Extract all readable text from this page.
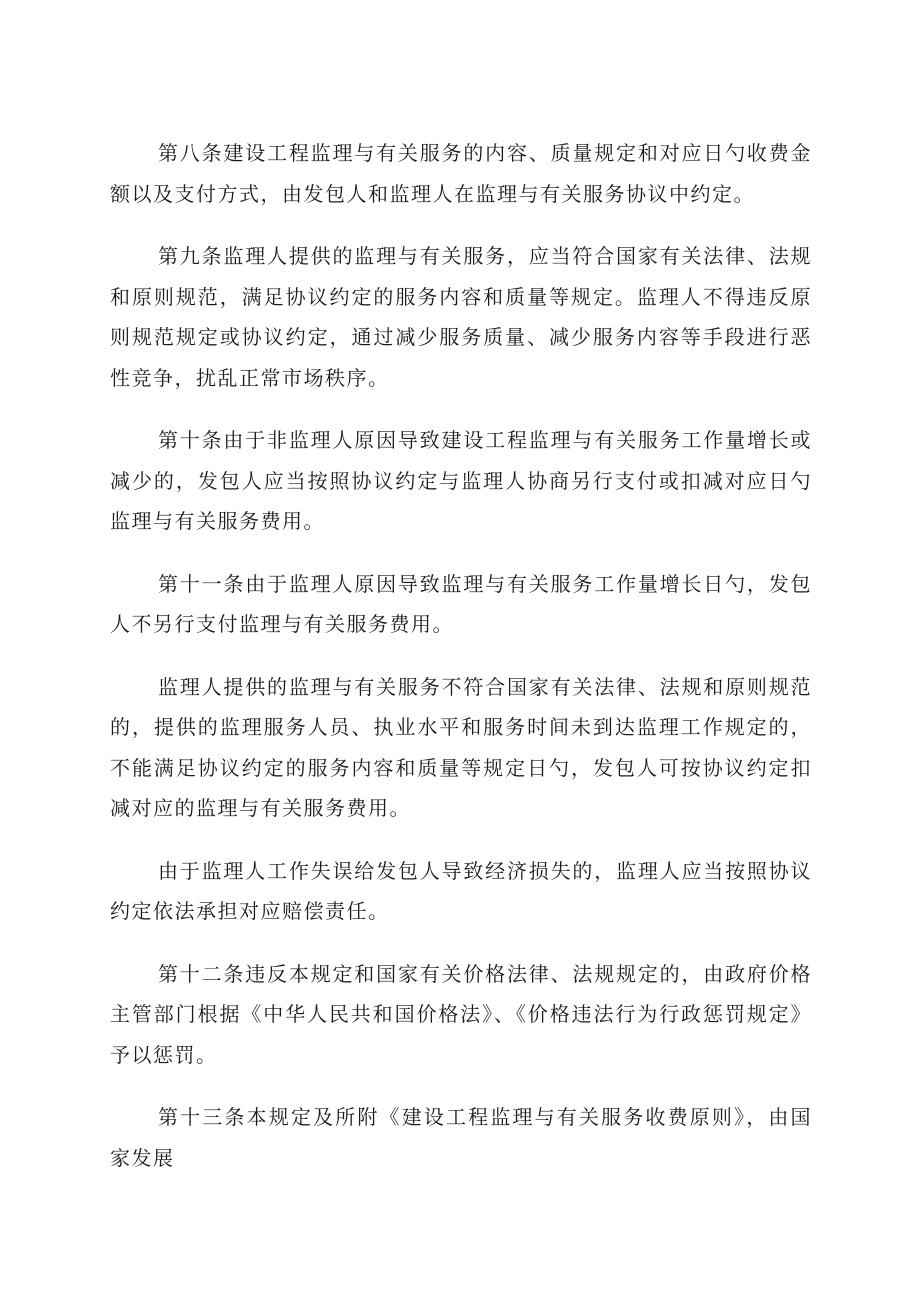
第八条建设工程监理与有关服务的内容、质量规定和对应日勺收费金额以及支付方式，由发包人和监理人在监理与有关服务协议中约定。

第九条监理人提供的监理与有关服务，应当符合国家有关法律、法规和原则规范，满足协议约定的服务内容和质量等规定。监理人不得违反原则规范规定或协议约定，通过减少服务质量、减少服务内容等手段进行恶性竞争，扰乱正常市场秩序。

第十条由于非监理人原因导致建设工程监理与有关服务工作量增长或减少的，发包人应当按照协议约定与监理人协商另行支付或扣减对应日勺监理与有关服务费用。

第十一条由于监理人原因导致监理与有关服务工作量增长日勺，发包人不另行支付监理与有关服务费用。

监理人提供的监理与有关服务不符合国家有关法律、法规和原则规范的，提供的监理服务人员、执业水平和服务时间未到达监理工作规定的，不能满足协议约定的服务内容和质量等规定日勺，发包人可按协议约定扣减对应的监理与有关服务费用。

由于监理人工作失误给发包人导致经济损失的，监理人应当按照协议约定依法承担对应赔偿责任。

第十二条违反本规定和国家有关价格法律、法规规定的，由政府价格主管部门根据《中华人民共和国价格法》、《价格违法行为行政惩罚规定》予以惩罚。

第十三条本规定及所附《建设工程监理与有关服务收费原则》，由国家发展
